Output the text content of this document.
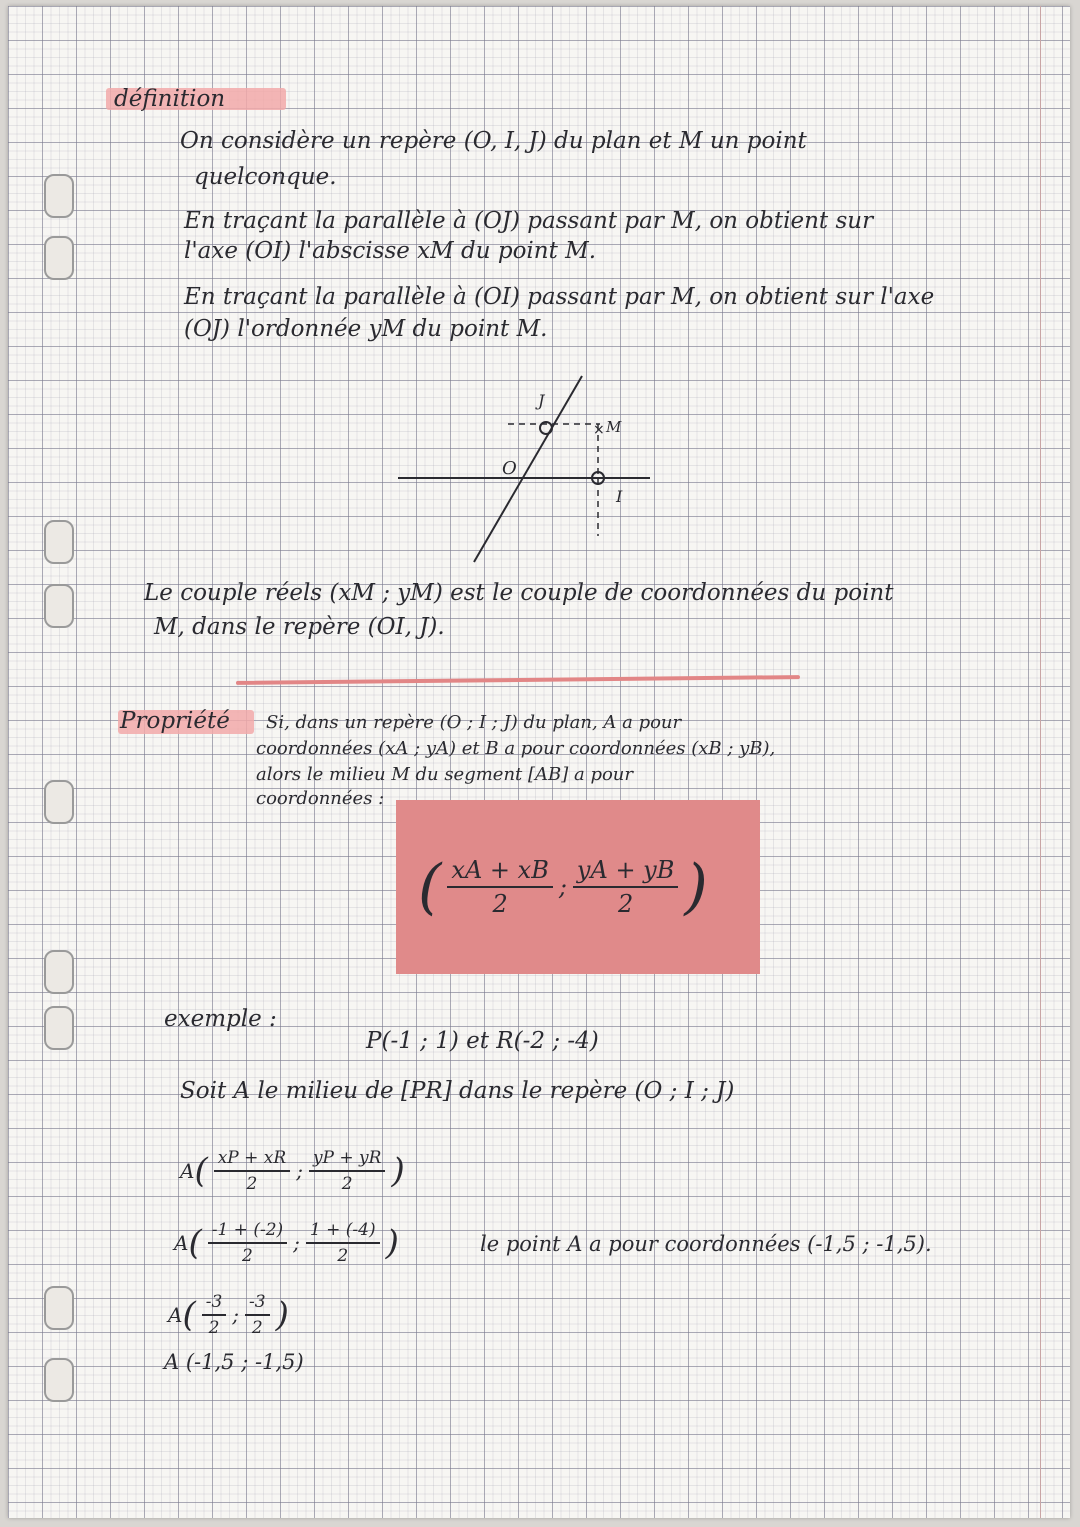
définition
On considère un repère (O, I, J) du plan et M un point
quelconque.
En traçant la parallèle à (OJ) passant par M, on obtient sur
l'axe (OI) l'abscisse xM du point M.
En traçant la parallèle à (OI) passant par M, on obtient sur l'axe
(OJ) l'ordonnée yM du point M.
J
O
I
× M
Le couple réels (xM ; yM) est le couple de coordonnées du point
M, dans le repère (OI, J).
Propriété Si, dans un repère (O ; I ; J) du plan, A a pour
coordonnées (xA ; yA) et B a pour coordonnées (xB ; yB),
alors le milieu M du segment [AB] a pour
coordonnées :
( $\frac{xA + xB}{2}$ ; $\frac{yA + yB}{2}$ )
exemple :
P(-1 ; 1) et R(-2 ; -4)
Soit A le milieu de [PR] dans le repère (O ; I ; J)
A ( $\frac{xP + xR}{2}$ ; $\frac{yP + yR}{2}$ )
A ( $\frac{-1 + (-2)}{2}$ ; $\frac{1 + (-4)}{2}$ )	le point A a pour coordonnées (-1,5 ; -1,5).
A ( $\frac{-3}{2}$ ; $\frac{-3}{2}$ )
A (-1,5 ; -1,5)
